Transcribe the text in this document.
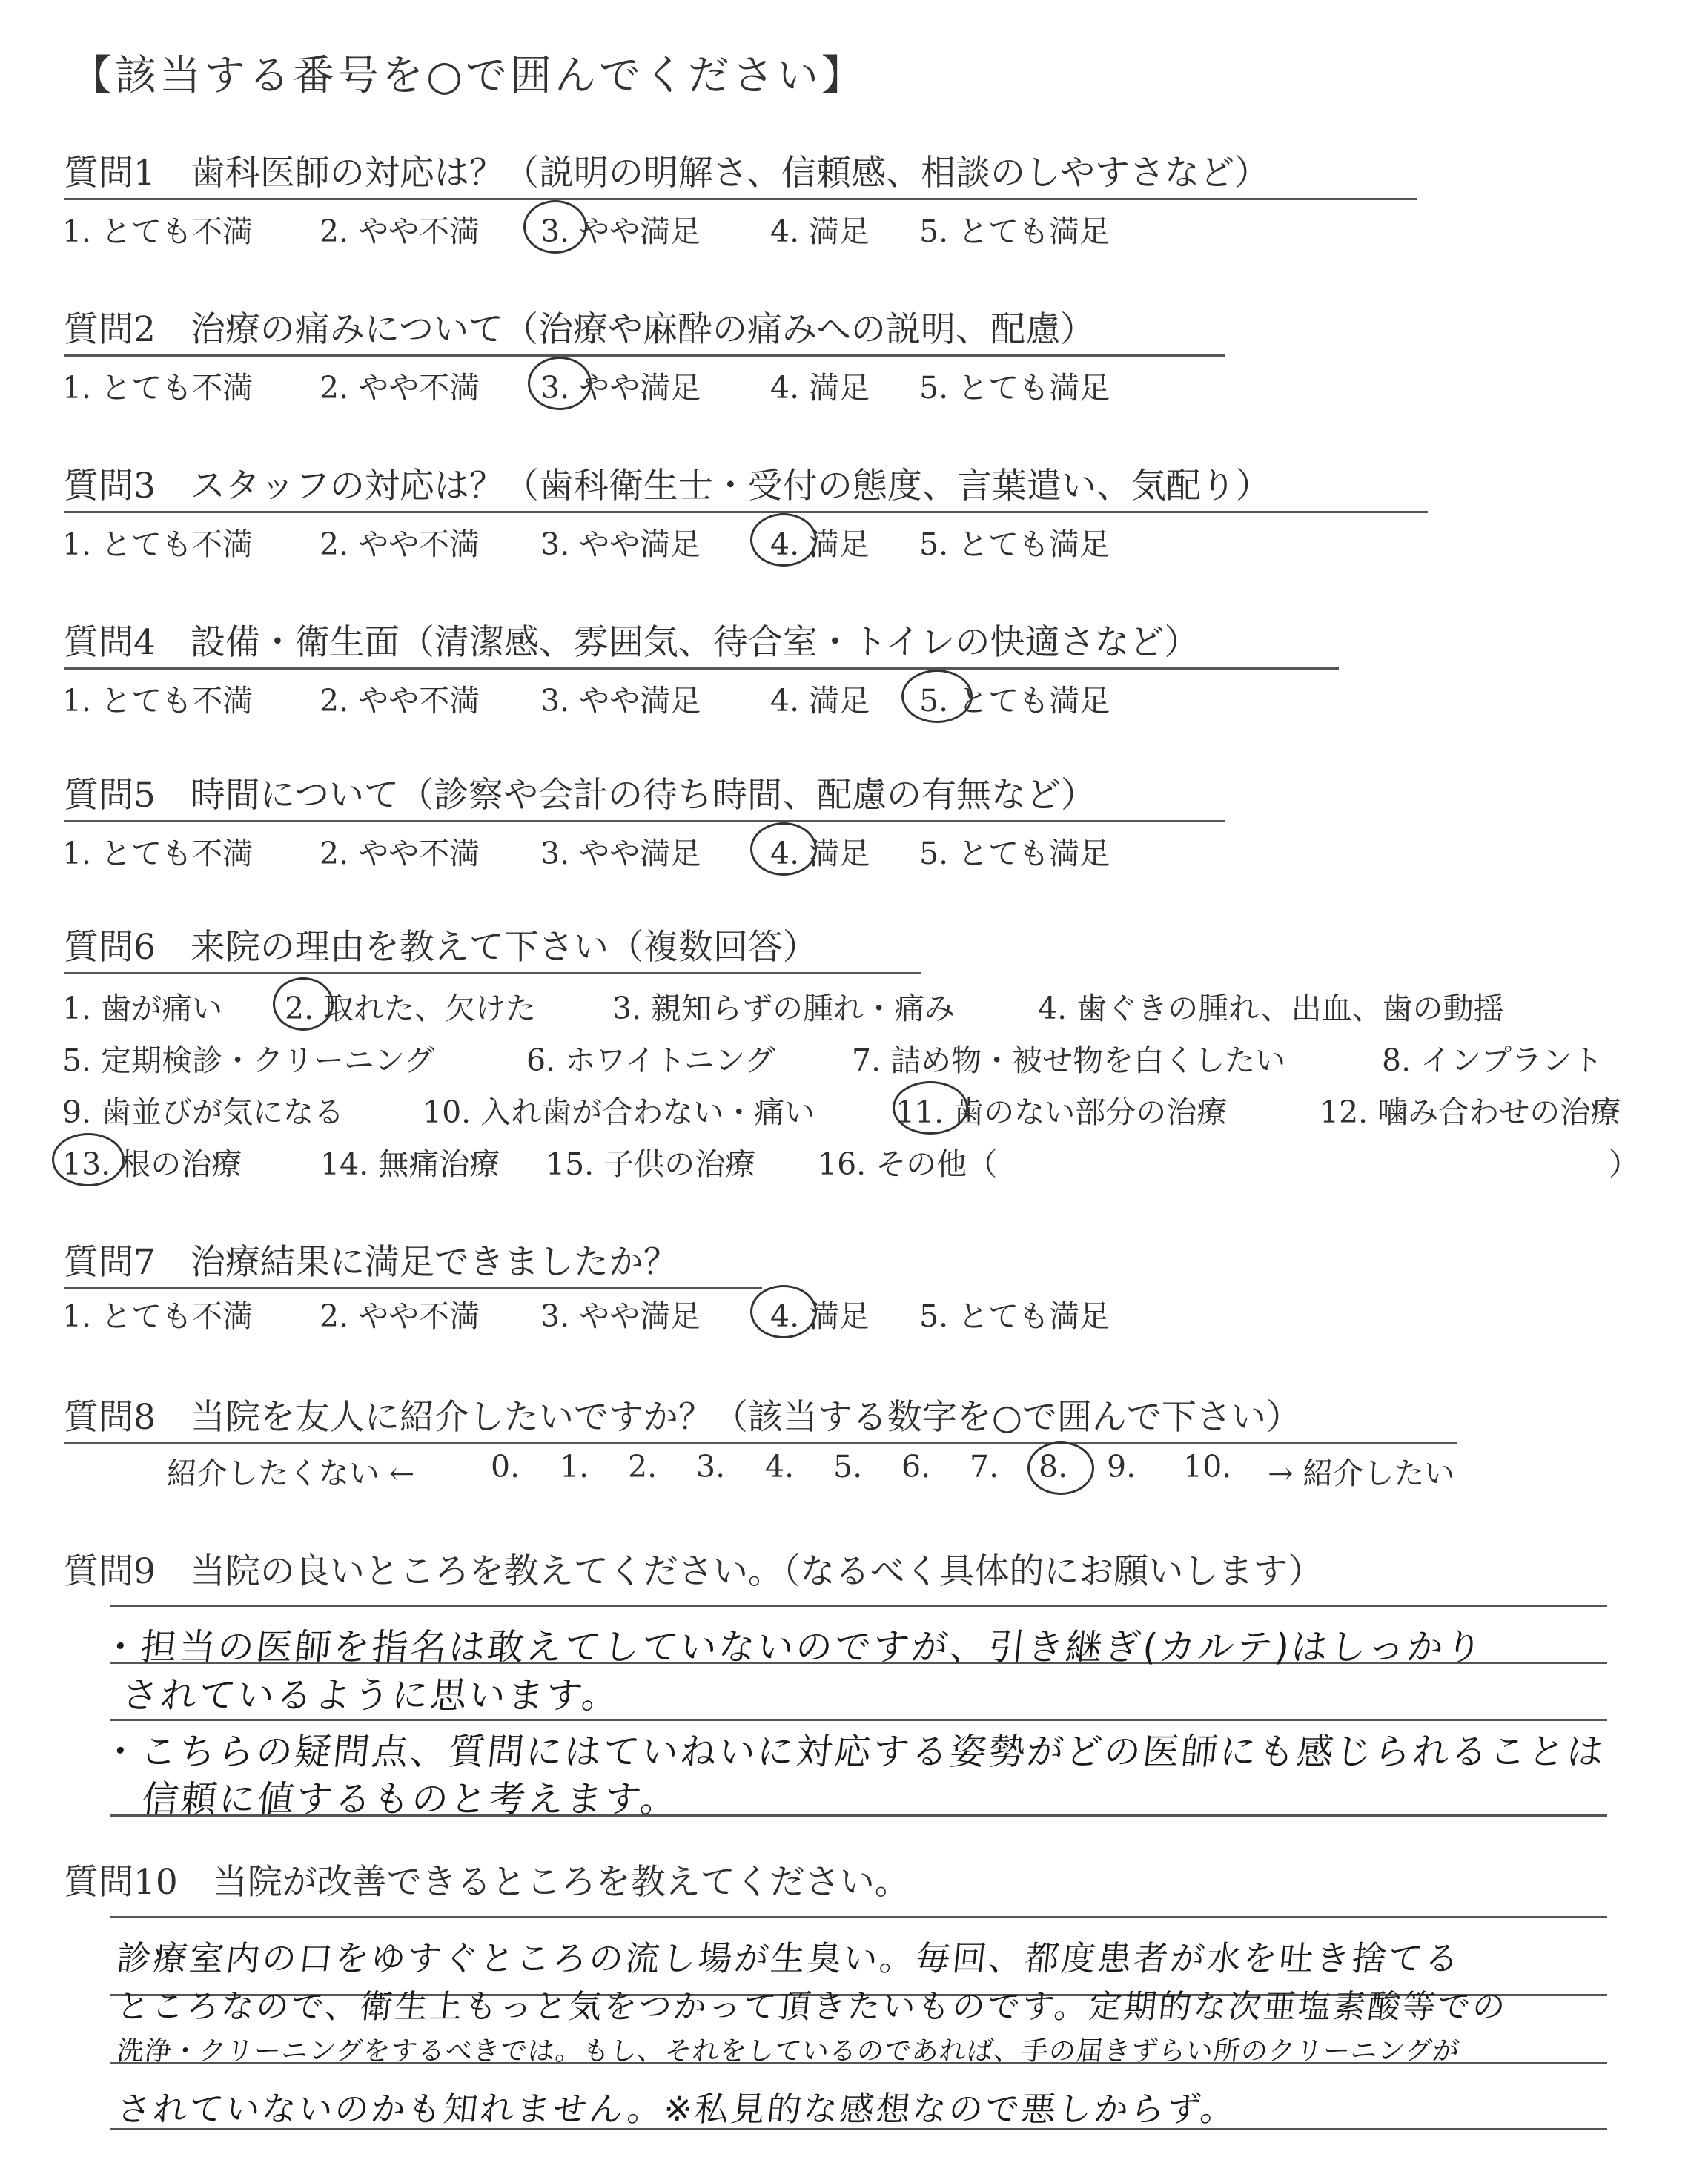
【該当する番号を○で囲んでください】
質問1　歯科医師の対応は？（説明の明解さ、信頼感、相談のしやすさなど）
1. とても不満 2. やや不満 3. やや満足 4. 満足 5. とても満足
質問2　治療の痛みについて（治療や麻酔の痛みへの説明、配慮）
1. とても不満 2. やや不満 3. やや満足 4. 満足 5. とても満足
質問3　スタッフの対応は？（歯科衛生士・受付の態度、言葉遣い、気配り）
1. とても不満 2. やや不満 3. やや満足 4. 満足 5. とても満足
質問4　設備・衛生面（清潔感、雰囲気、待合室・トイレの快適さなど）
1. とても不満 2. やや不満 3. やや満足 4. 満足 5. とても満足
質問5　時間について（診察や会計の待ち時間、配慮の有無など）
1. とても不満 2. やや不満 3. やや満足 4. 満足 5. とても満足
質問6　来院の理由を教えて下さい（複数回答）
1. 歯が痛い 2. 取れた、欠けた	3. 親知らずの腫れ・痛み	4. 歯ぐきの腫れ、出血、歯の動揺
5. 定期検診・クリーニング	6. ホワイトニング	7. 詰め物・被せ物を白くしたい	8. インプラント
9. 歯並びが気になる	10. 入れ歯が合わない・痛い	11. 歯のない部分の治療	12. 噛み合わせの治療
13. 根の治療	14. 無痛治療 15. 子供の治療 16. その他（	）
質問7　治療結果に満足できましたか？
1. とても不満 2. やや不満 3. やや満足 4. 満足 5. とても満足
質問8　当院を友人に紹介したいですか？（該当する数字を○で囲んで下さい）
紹介したくない ←	0. 1. 2. 3. 4. 5. 6. 7. 8. 9. 10. → 紹介したい
質問9　当院の良いところを教えてください。（なるべく具体的にお願いします）
・担当の医師を指名は敢えてしていないのですが、引き継ぎ(カルテ)はしっかり
されているように思います。
・こちらの疑問点、質問にはていねいに対応する姿勢がどの医師にも感じられることは
信頼に値するものと考えます。
質問10　当院が改善できるところを教えてください。
診療室内の口をゆすぐところの流し場が生臭い。毎回、都度患者が水を吐き捨てる
ところなので、衛生上もっと気をつかって頂きたいものです。定期的な次亜塩素酸等での
洗浄・クリーニングをするべきでは。もし、それをしているのであれば、手の届きずらい所のクリーニングが
されていないのかも知れません。※私見的な感想なので悪しからず。
